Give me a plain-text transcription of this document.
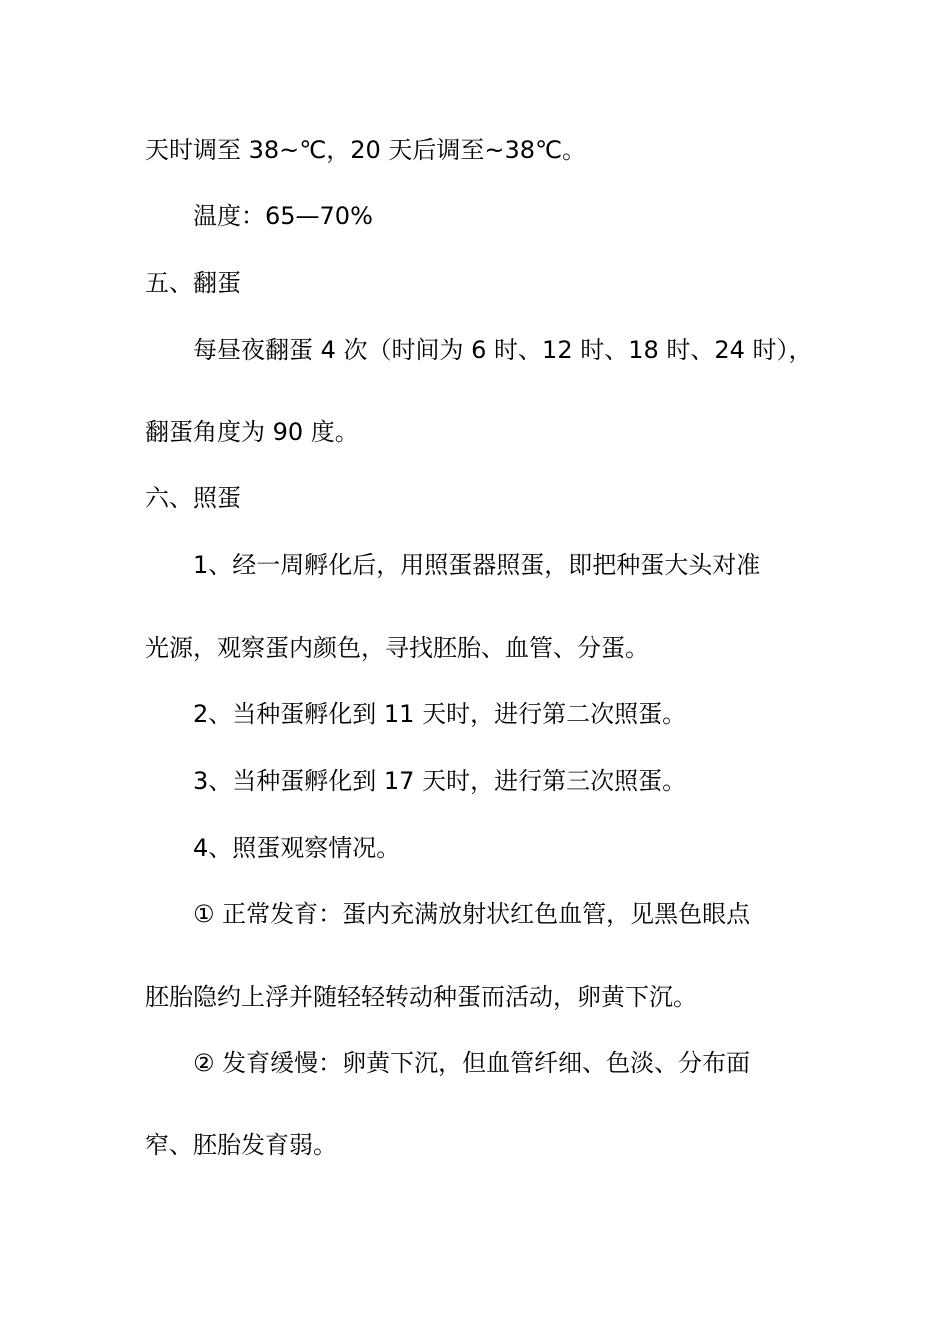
天时调至 38~℃，20 天后调至~38℃。
温度：65—70%
五、翻蛋
每昼夜翻蛋 4 次（时间为 6 时、12 时、18 时、24 时），
翻蛋角度为 90 度。
六、照蛋
1、经一周孵化后，用照蛋器照蛋，即把种蛋大头对准
光源，观察蛋内颜色，寻找胚胎、血管、分蛋。
2、当种蛋孵化到 11 天时，进行第二次照蛋。
3、当种蛋孵化到 17 天时，进行第三次照蛋。
4、照蛋观察情况。
① 正常发育：蛋内充满放射状红色血管，见黑色眼点
胚胎隐约上浮并随轻轻转动种蛋而活动，卵黄下沉。
② 发育缓慢：卵黄下沉，但血管纤细、色淡、分布面
窄、胚胎发育弱。
